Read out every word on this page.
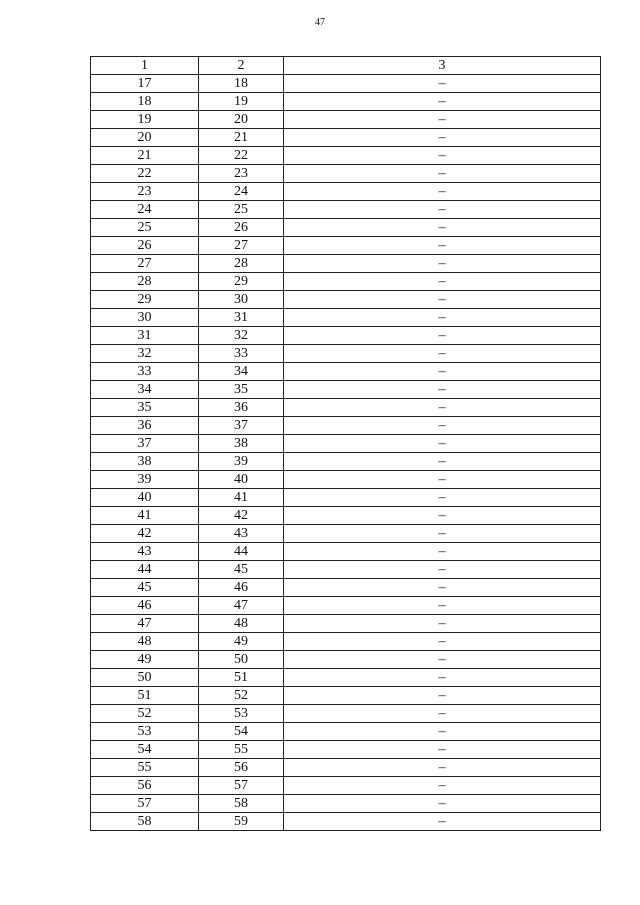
47
1	2	3
17	18	–
18	19	–
19	20	–
20	21	–
21	22	–
22	23	–
23	24	–
24	25	–
25	26	–
26	27	–
27	28	–
28	29	–
29	30	–
30	31	–
31	32	–
32	33	–
33	34	–
34	35	–
35	36	–
36	37	–
37	38	–
38	39	–
39	40	–
40	41	–
41	42	–
42	43	–
43	44	–
44	45	–
45	46	–
46	47	–
47	48	–
48	49	–
49	50	–
50	51	–
51	52	–
52	53	–
53	54	–
54	55	–
55	56	–
56	57	–
57	58	–
58	59	–
